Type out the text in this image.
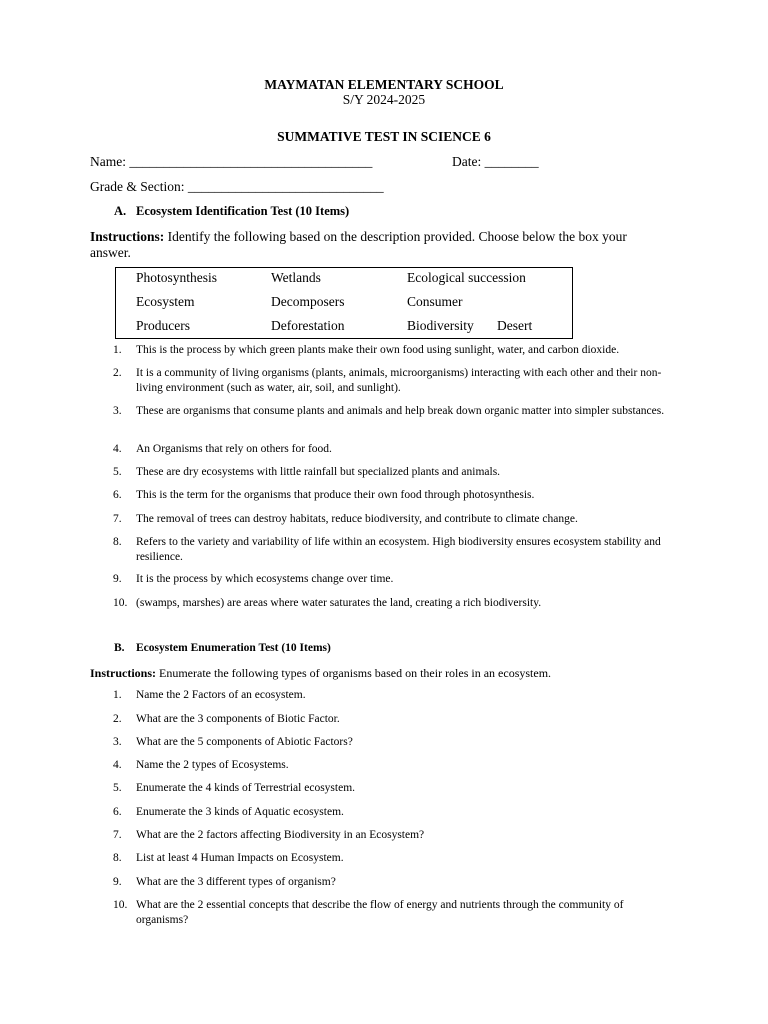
MAYMATAN ELEMENTARY SCHOOL
S/Y 2024-2025
SUMMATIVE TEST IN SCIENCE 6
Name: ____________________________________	Date: ________
Grade & Section: _____________________________
A. Ecosystem Identification Test (10 Items)
Instructions: Identify the following based on the description provided. Choose below the box your answer.
Photosynthesis	Wetlands	Ecological succession
Ecosystem	Decomposers	Consumer
Producers	Deforestation	Biodiversity Desert
1.	This is the process by which green plants make their own food using sunlight, water, and carbon dioxide.
2.	It is a community of living organisms (plants, animals, microorganisms) interacting with each other and their non-living environment (such as water, air, soil, and sunlight).
3.	These are organisms that consume plants and animals and help break down organic matter into simpler substances.
4.	An Organisms that rely on others for food.
5.	These are dry ecosystems with little rainfall but specialized plants and animals.
6.	This is the term for the organisms that produce their own food through photosynthesis.
7.	The removal of trees can destroy habitats, reduce biodiversity, and contribute to climate change.
8.	Refers to the variety and variability of life within an ecosystem. High biodiversity ensures ecosystem stability and resilience.
9.	It is the process by which ecosystems change over time.
10. (swamps, marshes) are areas where water saturates the land, creating a rich biodiversity.
B. Ecosystem Enumeration Test (10 Items)
Instructions: Enumerate the following types of organisms based on their roles in an ecosystem.
1.	Name the 2 Factors of an ecosystem.
2.	What are the 3 components of Biotic Factor.
3.	What are the 5 components of Abiotic Factors?
4.	Name the 2 types of Ecosystems.
5.	Enumerate the 4 kinds of Terrestrial ecosystem.
6.	Enumerate the 3 kinds of Aquatic ecosystem.
7.	What are the 2 factors affecting Biodiversity in an Ecosystem?
8.	List at least 4 Human Impacts on Ecosystem.
9.	What are the 3 different types of organism?
10. What are the 2 essential concepts that describe the flow of energy and nutrients through the community of organisms?
